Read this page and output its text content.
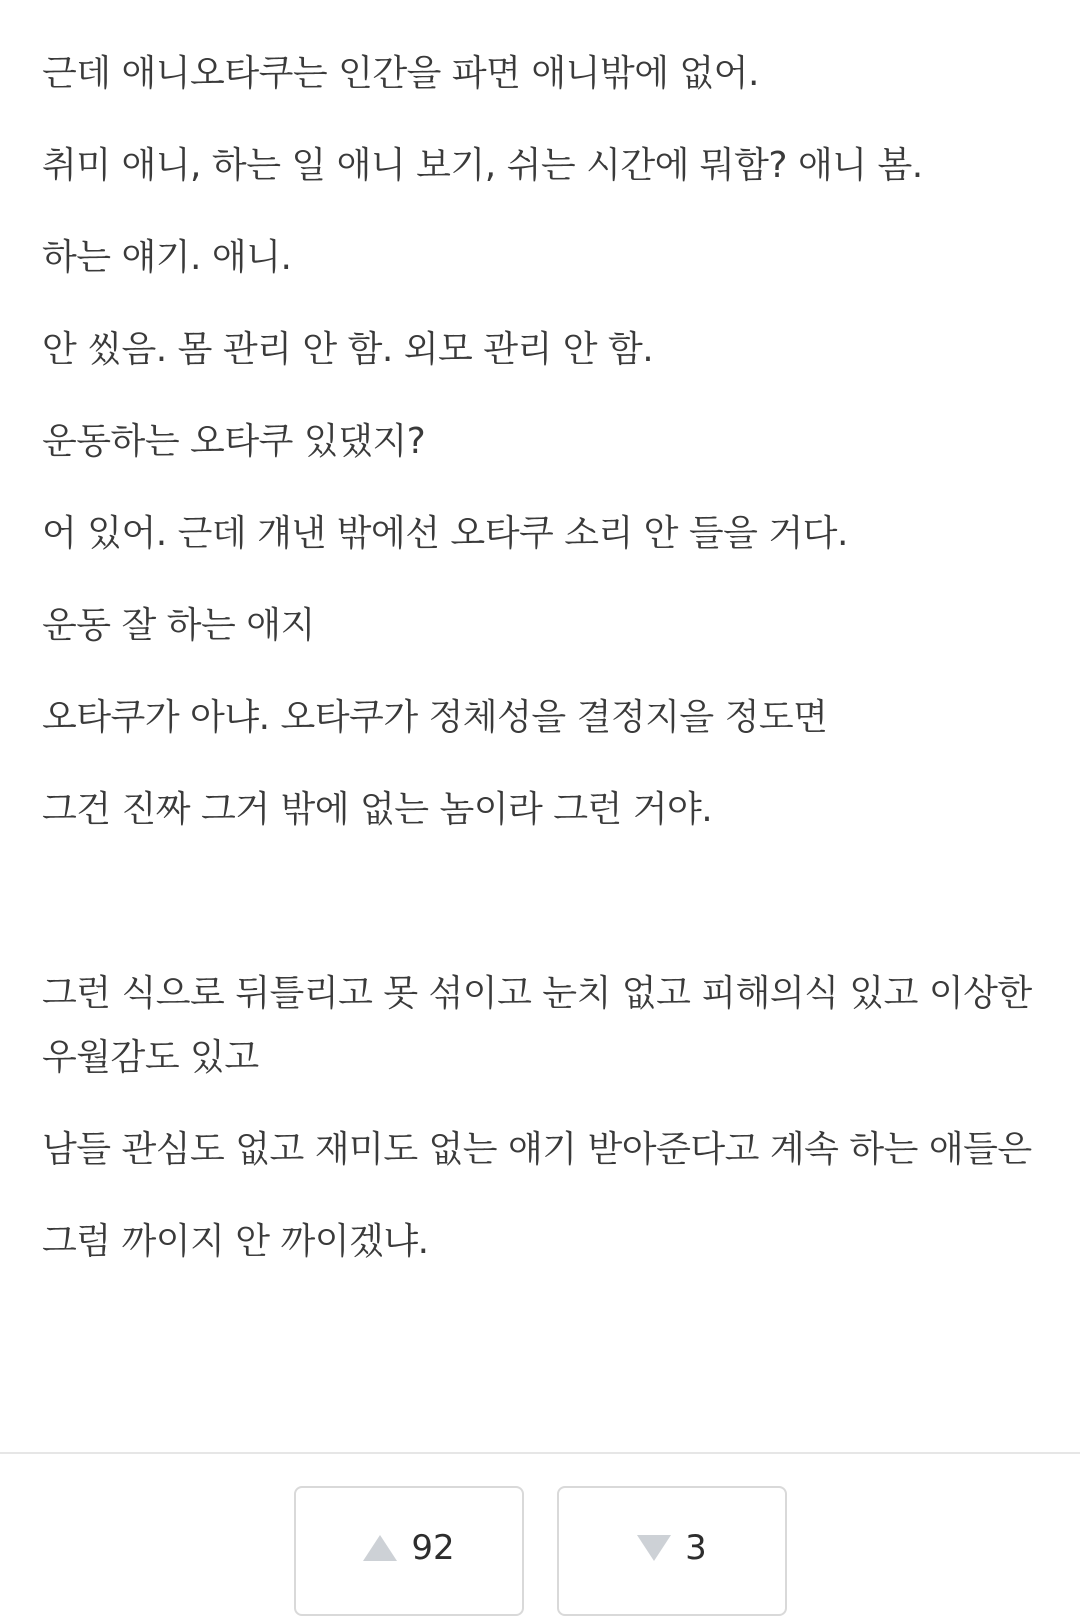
근데 애니오타쿠는 인간을 파면 애니밖에 없어.

취미 애니, 하는 일 애니 보기, 쉬는 시간에 뭐함? 애니 봄.

하는 얘기. 애니.

안 씼음. 몸 관리 안 함. 외모 관리 안 함.

운동하는 오타쿠 있댔지?

어 있어. 근데 걔낸 밖에선 오타쿠 소리 안 들을 거다.

운동 잘 하는 애지

오타쿠가 아냐. 오타쿠가 정체성을 결정지을 정도면

그건 진짜 그거 밖에 없는 놈이라 그런 거야.

그런 식으로 뒤틀리고 못 섞이고 눈치 없고 피해의식 있고 이상한 우월감도 있고

남들 관심도 없고 재미도 없는 얘기 받아준다고 계속 하는 애들은

그럼 까이지 안 까이겠냐.

92	3
